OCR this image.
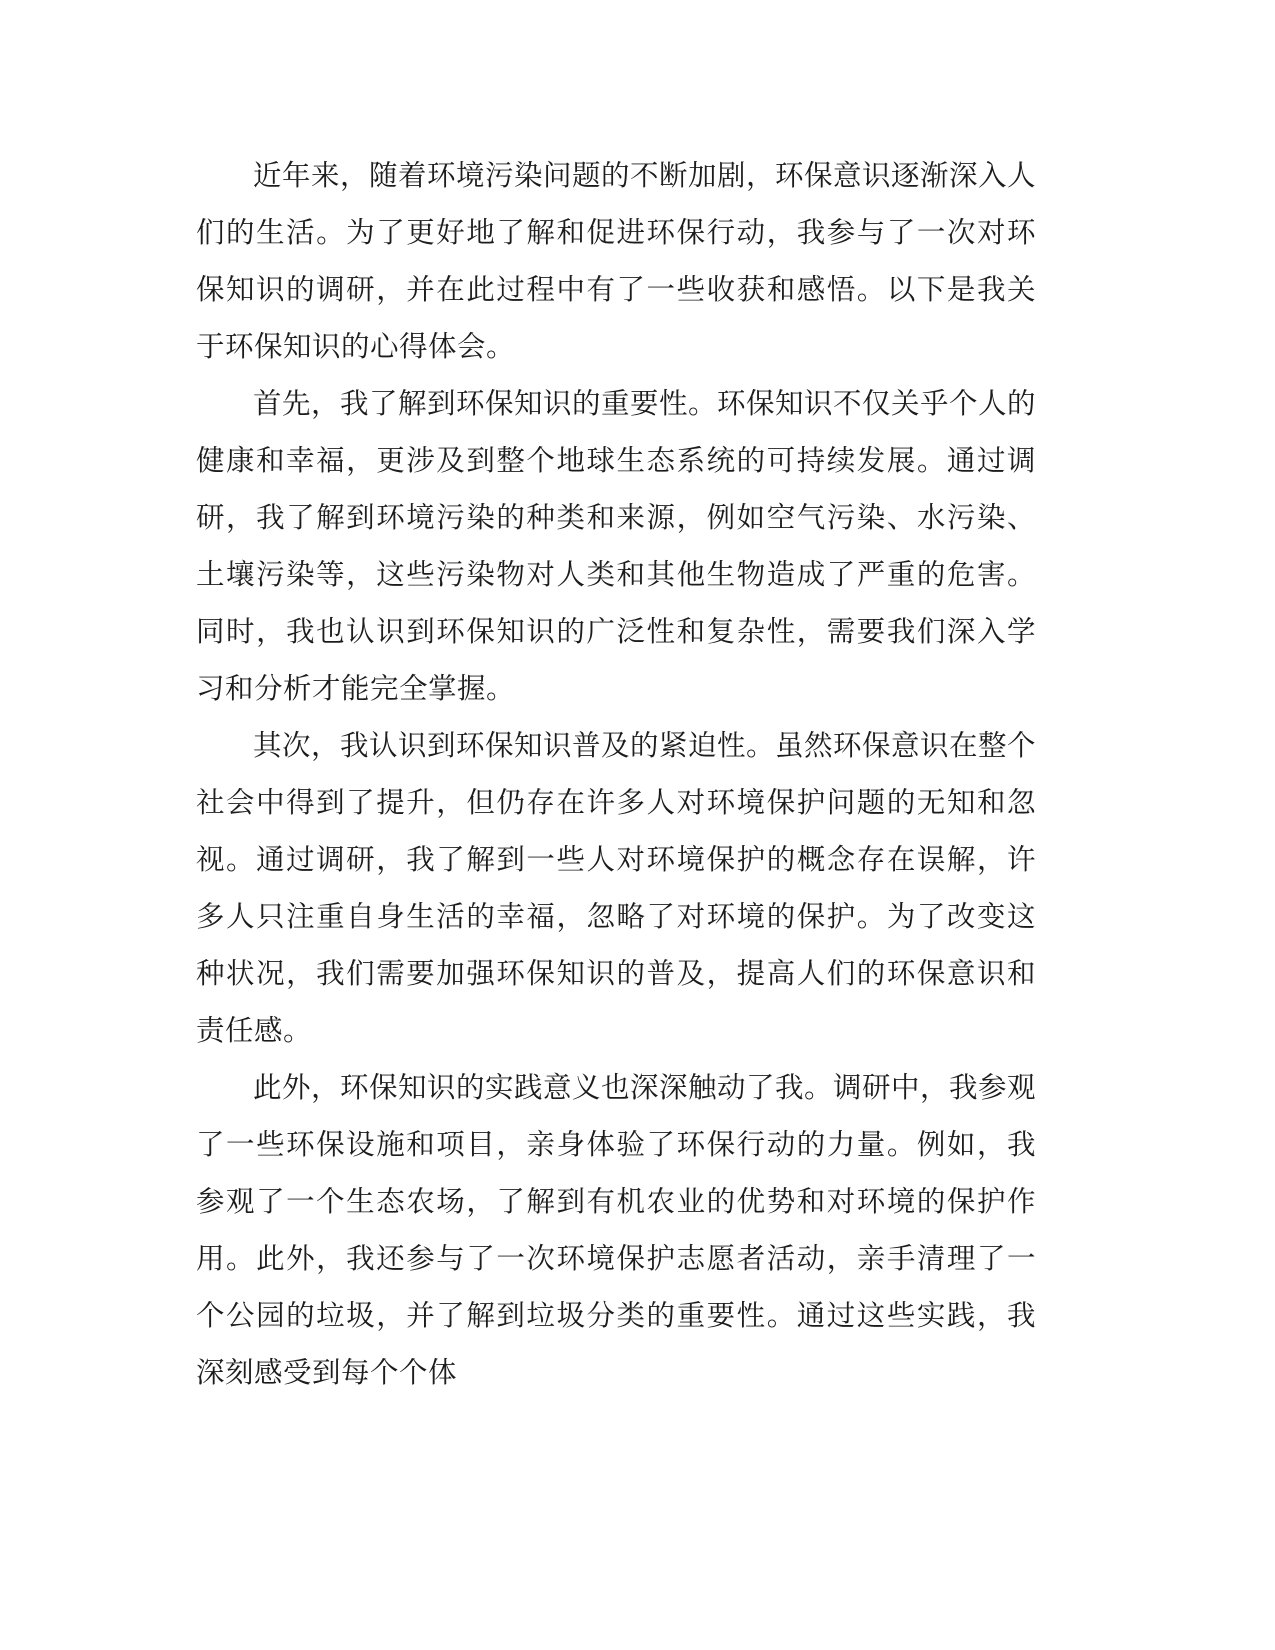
近年来，随着环境污染问题的不断加剧，环保意识逐渐深入人们的生活。为了更好地了解和促进环保行动，我参与了一次对环保知识的调研，并在此过程中有了一些收获和感悟。以下是我关于环保知识的心得体会。

首先，我了解到环保知识的重要性。环保知识不仅关乎个人的健康和幸福，更涉及到整个地球生态系统的可持续发展。通过调研，我了解到环境污染的种类和来源，例如空气污染、水污染、土壤污染等，这些污染物对人类和其他生物造成了严重的危害。同时，我也认识到环保知识的广泛性和复杂性，需要我们深入学习和分析才能完全掌握。

其次，我认识到环保知识普及的紧迫性。虽然环保意识在整个社会中得到了提升，但仍存在许多人对环境保护问题的无知和忽视。通过调研，我了解到一些人对环境保护的概念存在误解，许多人只注重自身生活的幸福，忽略了对环境的保护。为了改变这种状况，我们需要加强环保知识的普及，提高人们的环保意识和责任感。

此外，环保知识的实践意义也深深触动了我。调研中，我参观了一些环保设施和项目，亲身体验了环保行动的力量。例如，我参观了一个生态农场，了解到有机农业的优势和对环境的保护作用。此外，我还参与了一次环境保护志愿者活动，亲手清理了一个公园的垃圾，并了解到垃圾分类的重要性。通过这些实践，我深刻感受到每个个体
